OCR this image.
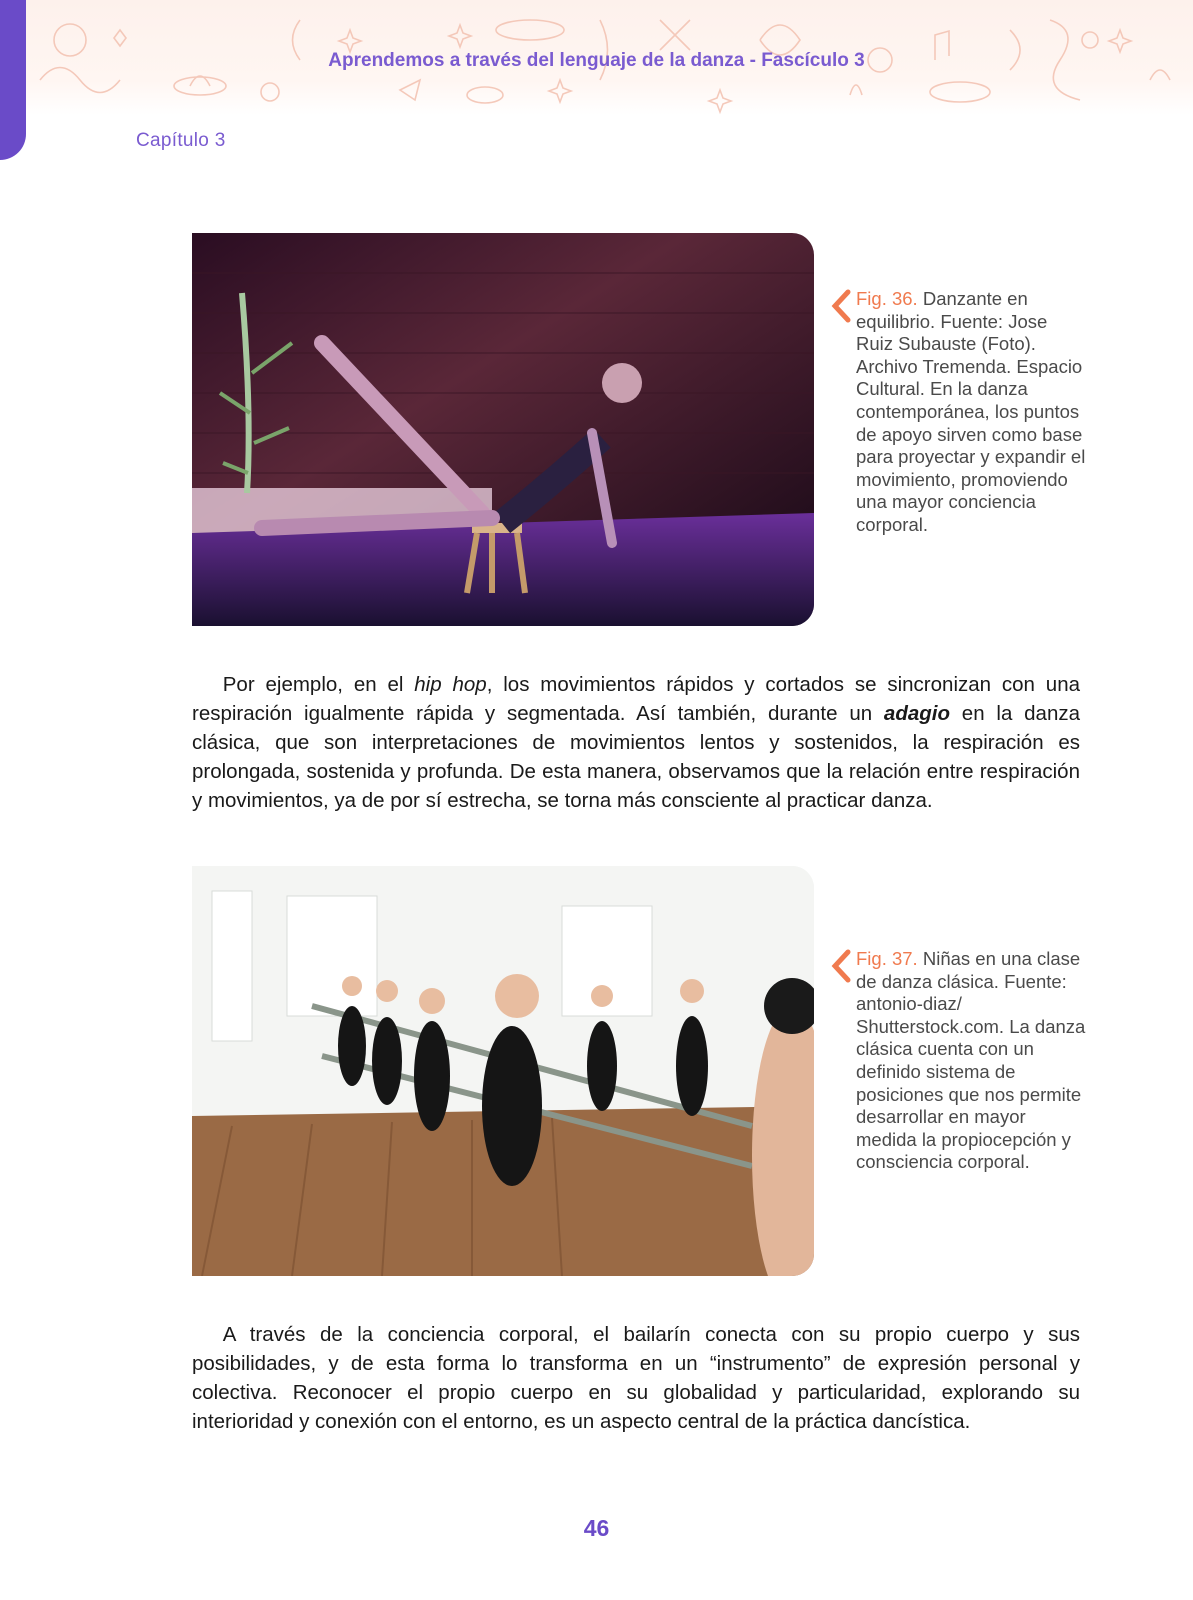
Aprendemos a través del lenguaje de la danza - Fascículo 3
Capítulo 3
Fig. 36. Danzante en equilibrio. Fuente: Jose Ruiz Subauste (Foto). Archivo Tremenda. Espacio Cultural. En la danza contemporánea, los puntos de apoyo sirven como base para proyectar y expandir el movimiento, promoviendo una mayor conciencia corporal.

  Por ejemplo, en el hip hop, los movimientos rápidos y cortados se sincronizan con una respiración igualmente rápida y segmentada. Así también, durante un adagio en la danza clásica, que son interpretaciones de movimientos lentos y sostenidos, la respiración es prolongada, sostenida y profunda. De esta manera, observamos que la relación entre respiración y movimientos, ya de por sí estrecha, se torna más consciente al practicar danza.

Fig. 37. Niñas en una clase de danza clásica. Fuente: antonio-diaz/ Shutterstock.com. La danza clásica cuenta con un definido sistema de posiciones que nos permite desarrollar en mayor medida la propiocepción y consciencia corporal.

  A través de la conciencia corporal, el bailarín conecta con su propio cuerpo y sus posibilidades, y de esta forma lo transforma en un “instrumento” de expresión personal y colectiva. Reconocer el propio cuerpo en su globalidad y particularidad, explorando su interioridad y conexión con el entorno, es un aspecto central de la práctica dancística.

46
